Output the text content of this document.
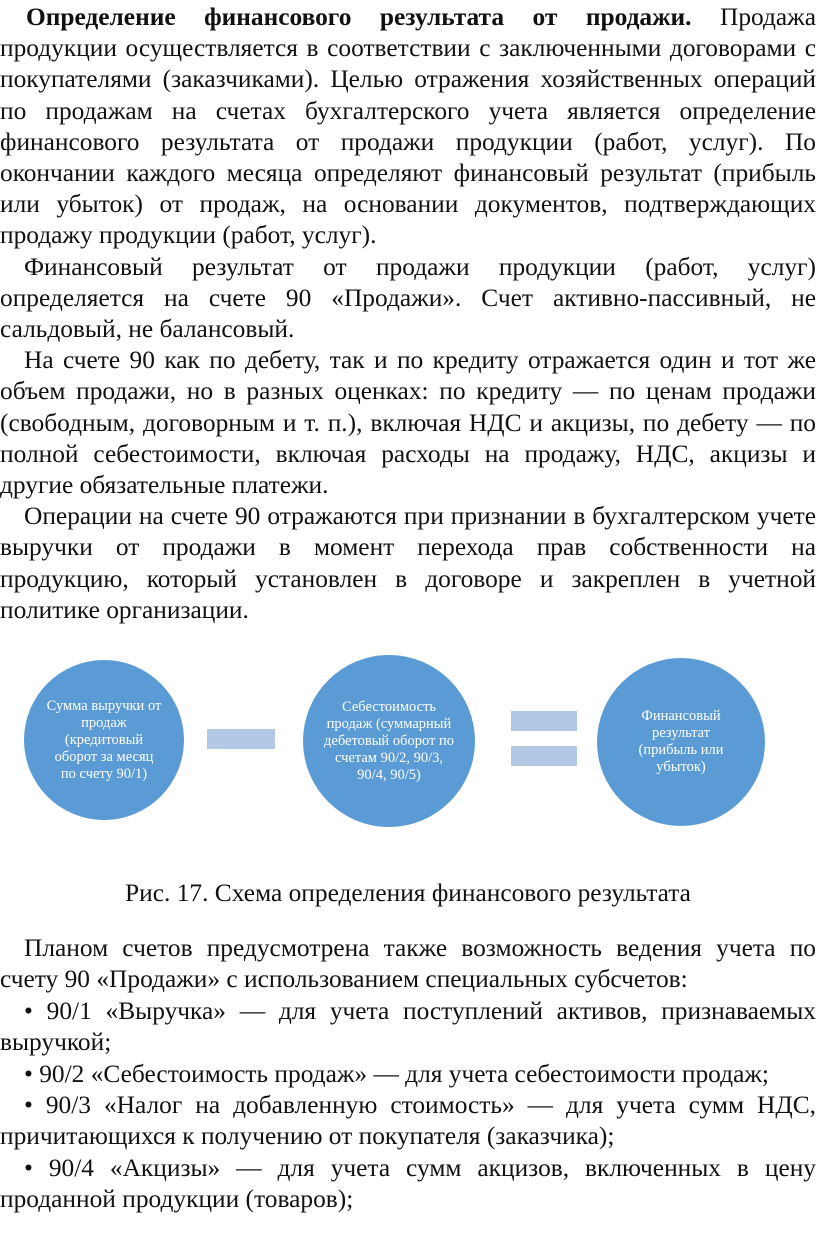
Определение финансового результата от продажи. Продажа продукции осуществляется в соответствии с заключенными договорами с покупателями (заказчиками). Целью отражения хозяйственных операций по продажам на счетах бухгалтерского учета является определение финансового результата от продажи продукции (работ, услуг). По окончании каждого месяца определяют финансовый результат (прибыль или убыток) от продаж, на основании документов, подтверждающих продажу продукции (работ, услуг).

Финансовый результат от продажи продукции (работ, услуг) определяется на счете 90 «Продажи». Счет активно-пассивный, не сальдовый, не балансовый.

На счете 90 как по дебету, так и по кредиту отражается один и тот же объем продажи, но в разных оценках: по кредиту — по ценам продажи (свободным, договорным и т. п.), включая НДС и акцизы, по дебету — по полной себестоимости, включая расходы на продажу, НДС, акцизы и другие обязательные платежи.

Операции на счете 90 отражаются при признании в бухгалтерском учете выручки от продажи в момент перехода прав собственности на продукцию, который установлен в договоре и закреплен в учетной политике организации.

Сумма выручки от продаж (кредитовый оборот за месяц по счету 90/1)
Себестоимость продаж (суммарный дебетовый оборот по счетам 90/2, 90/3, 90/4, 90/5)
Финансовый результат (прибыль или убыток)
Рис. 17. Схема определения финансового результата

Планом счетов предусмотрена также возможность ведения учета по счету 90 «Продажи» с использованием специальных субсчетов:

• 90/1 «Выручка» — для учета поступлений активов, признаваемых выручкой;

• 90/2 «Себестоимость продаж» — для учета себестоимости продаж;

• 90/3 «Налог на добавленную стоимость» — для учета сумм НДС, причитающихся к получению от покупателя (заказчика);

• 90/4 «Акцизы» — для учета сумм акцизов, включенных в цену проданной продукции (товаров);
